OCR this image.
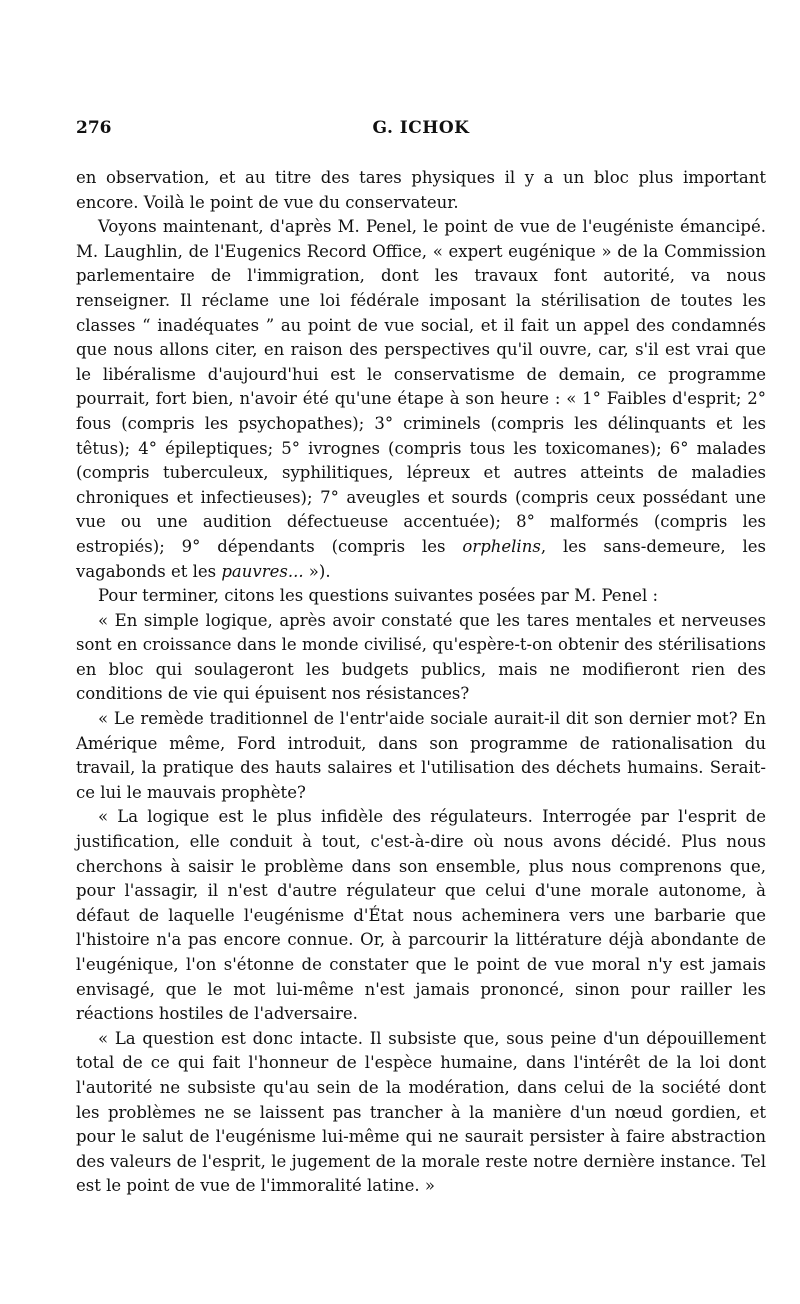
276	G. ICHOK

en observation, et au titre des tares physiques il y a un bloc plus important encore. Voilà le point de vue du conservateur.

Voyons maintenant, d'après M. Penel, le point de vue de l'eugéniste émancipé. M. Laughlin, de l'Eugenics Record Office, « expert eugénique » de la Commission parlementaire de l'immigration, dont les travaux font autorité, va nous renseigner. Il réclame une loi fédérale imposant la stérilisation de toutes les classes “ inadéquates ” au point de vue social, et il fait un appel des condamnés que nous allons citer, en raison des perspectives qu'il ouvre, car, s'il est vrai que le libéralisme d'aujourd'hui est le conservatisme de demain, ce programme pourrait, fort bien, n'avoir été qu'une étape à son heure : « 1° Faibles d'esprit; 2° fous (compris les psychopathes); 3° criminels (compris les délinquants et les têtus); 4° épileptiques; 5° ivrognes (compris tous les toxicomanes); 6° malades (compris tuberculeux, syphilitiques, lépreux et autres atteints de maladies chroniques et infectieuses); 7° aveugles et sourds (compris ceux possédant une vue ou une audition défectueuse accentuée); 8° malformés (compris les estropiés); 9° dépendants (compris les orphelins, les sans-demeure, les vagabonds et les pauvres... »).

Pour terminer, citons les questions suivantes posées par M. Penel :

« En simple logique, après avoir constaté que les tares mentales et nerveuses sont en croissance dans le monde civilisé, qu'espère-t-on obtenir des stérilisations en bloc qui soulageront les budgets publics, mais ne modifieront rien des conditions de vie qui épuisent nos résistances?

« Le remède traditionnel de l'entr'aide sociale aurait-il dit son dernier mot? En Amérique même, Ford introduit, dans son programme de rationalisation du travail, la pratique des hauts salaires et l'utilisation des déchets humains. Serait-ce lui le mauvais prophète?

« La logique est le plus infidèle des régulateurs. Interrogée par l'esprit de justification, elle conduit à tout, c'est-à-dire où nous avons décidé. Plus nous cherchons à saisir le problème dans son ensemble, plus nous comprenons que, pour l'assagir, il n'est d'autre régulateur que celui d'une morale autonome, à défaut de laquelle l'eugénisme d'État nous acheminera vers une barbarie que l'histoire n'a pas encore connue. Or, à parcourir la littérature déjà abondante de l'eugénique, l'on s'étonne de constater que le point de vue moral n'y est jamais envisagé, que le mot lui-même n'est jamais prononcé, sinon pour railler les réactions hostiles de l'adversaire.

« La question est donc intacte. Il subsiste que, sous peine d'un dépouillement total de ce qui fait l'honneur de l'espèce humaine, dans l'intérêt de la loi dont l'autorité ne subsiste qu'au sein de la modération, dans celui de la société dont les problèmes ne se laissent pas trancher à la manière d'un nœud gordien, et pour le salut de l'eugénisme lui-même qui ne saurait persister à faire abstraction des valeurs de l'esprit, le jugement de la morale reste notre dernière instance. Tel est le point de vue de l'immoralité latine. »
